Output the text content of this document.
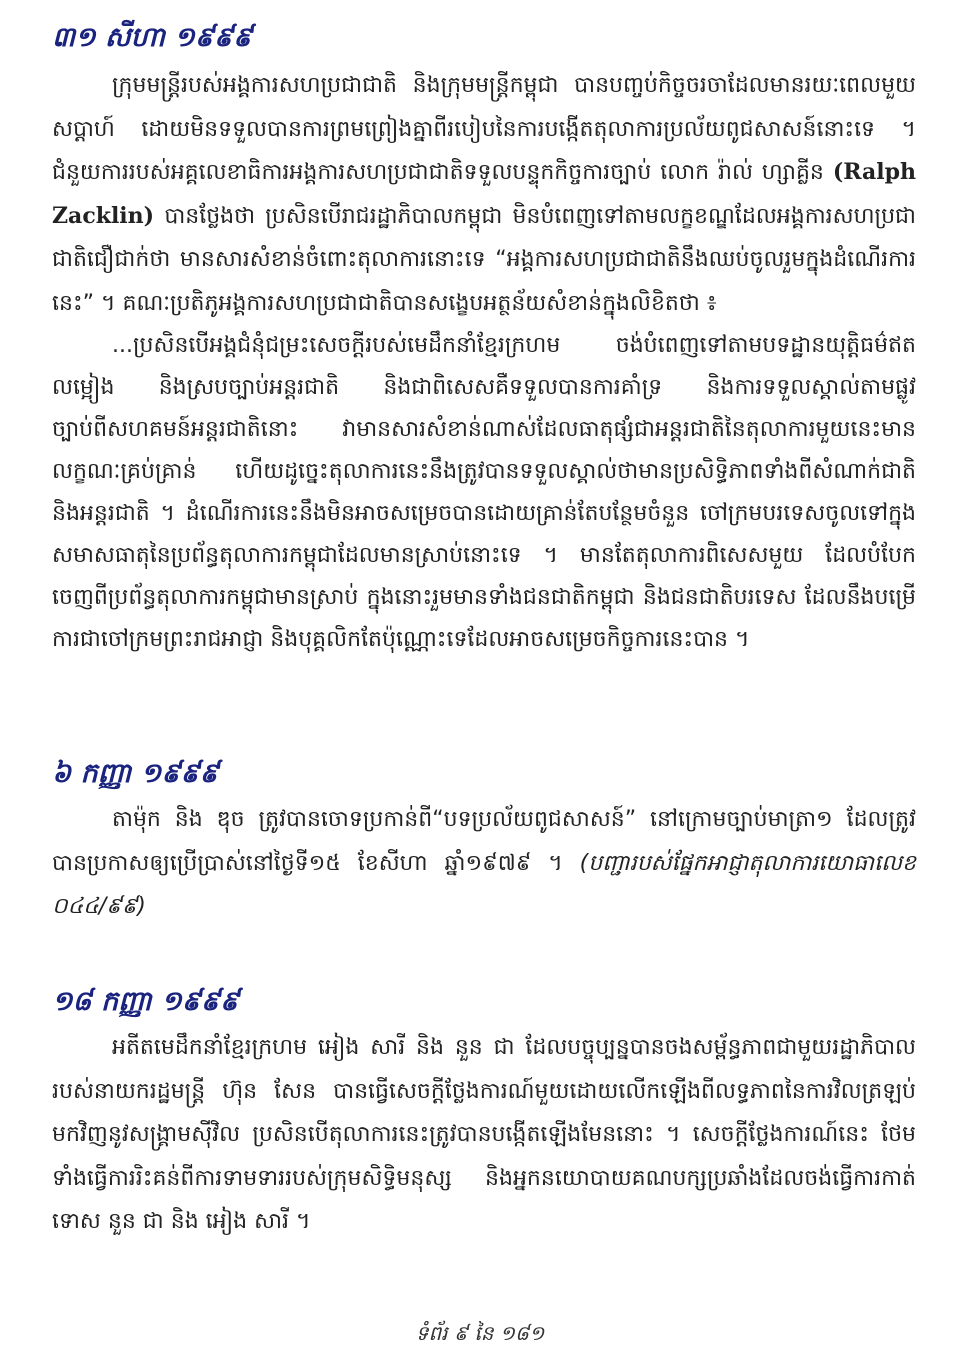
៣១ សីហា ១៩៩៩

ក្រុមមន្ត្រីរបស់អង្គការសហប្រជាជាតិ និងក្រុមមន្ត្រីកម្ពុជា បានបញ្ចប់កិច្ចចរចាដែលមានរយៈពេលមួយសប្តាហ៍ ដោយមិនទទួលបានការព្រមព្រៀងគ្នាពីរបៀបនៃការបង្កើតតុលាការប្រល័យពូជសាសន៍នោះទេ ។ ជំនួយការរបស់អគ្គលេខាធិការអង្គការសហប្រជាជាតិទទួលបន្ទុកកិច្ចការច្បាប់ លោក រ៉ាល់ ហ្សាគ្លីន (Ralph Zacklin) បានថ្លែងថា ប្រសិនបើរាជរដ្ឋាភិបាលកម្ពុជា មិនបំពេញទៅតាមលក្ខខណ្ឌដែលអង្គការសហប្រជាជាតិជឿជាក់ថា មានសារសំខាន់ចំពោះតុលាការនោះទេ “អង្គការសហប្រជាជាតិនឹងឈប់ចូលរួមក្នុងដំណើរការនេះ” ។ គណៈប្រតិភូអង្គការសហប្រជាជាតិបានសង្ខេបអត្ថន័យសំខាន់ក្នុងលិខិតថា ៖

...ប្រសិនបើអង្គជំនុំជម្រះសេចក្តីរបស់មេដឹកនាំខ្មែរក្រហម ចង់បំពេញទៅតាមបទដ្ឋានយុត្តិធម៌ឥតលម្អៀង និងស្របច្បាប់អន្តរជាតិ និងជាពិសេសគឺទទួលបានការគាំទ្រ និងការទទួលស្គាល់តាមផ្លូវច្បាប់ពីសហគមន៍អន្តរជាតិនោះ វាមានសារសំខាន់ណាស់ដែលធាតុផ្សំជាអន្តរជាតិនៃតុលាការមួយនេះមានលក្ខណៈគ្រប់គ្រាន់ ហើយដូច្នេះតុលាការនេះនឹងត្រូវបានទទួលស្គាល់ថាមានប្រសិទ្ធិភាពទាំងពីសំណាក់ជាតិ និងអន្តរជាតិ ។ ដំណើរការនេះនឹងមិនអាចសម្រេចបានដោយគ្រាន់តែបន្ថែមចំនួន ចៅក្រមបរទេសចូលទៅក្នុងសមាសធាតុនៃប្រព័ន្ធតុលាការកម្ពុជាដែលមានស្រាប់នោះទេ ។ មានតែតុលាការពិសេសមួយ ដែលបំបែកចេញពីប្រព័ន្ធតុលាការកម្ពុជាមានស្រាប់ ក្នុងនោះរួមមានទាំងជនជាតិកម្ពុជា និងជនជាតិបរទេស ដែលនឹងបម្រើការជាចៅក្រមព្រះរាជអាជ្ញា និងបុគ្គលិកតែប៉ុណ្ណោះទេដែលអាចសម្រេចកិច្ចការនេះបាន ។

៦ កញ្ញា ១៩៩៩

តាម៉ុក និង ឌុច ត្រូវបានចោទប្រកាន់ពី“បទប្រល័យពូជសាសន៍” នៅក្រោមច្បាប់មាត្រា១ ដែលត្រូវបានប្រកាសឲ្យប្រើប្រាស់នៅថ្ងៃទី១៥ ខែសីហា ឆ្នាំ១៩៧៩ ។ (បញ្ជារបស់ផ្នែកអាជ្ញាតុលាការយោធាលេខ ០៤៤/៩៩)

១៨ កញ្ញា ១៩៩៩

អតីតមេដឹកនាំខ្មែរក្រហម អៀង សារី និង នួន ជា ដែលបច្ចុប្បន្នបានចងសម្ព័ន្ធភាពជាមួយរដ្ឋាភិបាលរបស់នាយករដ្ឋមន្ត្រី ហ៊ុន សែន បានធ្វើសេចក្តីថ្លែងការណ៍មួយដោយលើកឡើងពីលទ្ធភាពនៃការវិលត្រឡប់មកវិញនូវសង្គ្រាមស៊ីវិល ប្រសិនបើតុលាការនេះត្រូវបានបង្កើតឡើងមែននោះ ។ សេចក្តីថ្លែងការណ៍នេះ ថែមទាំងធ្វើការរិះគន់ពីការទាមទាររបស់ក្រុមសិទ្ធិមនុស្ស និងអ្នកនយោបាយគណបក្សប្រឆាំងដែលចង់ធ្វើការកាត់ទោស នួន ជា និង អៀង សារី ។

ទំព័រ ៩ នៃ ១៨១
